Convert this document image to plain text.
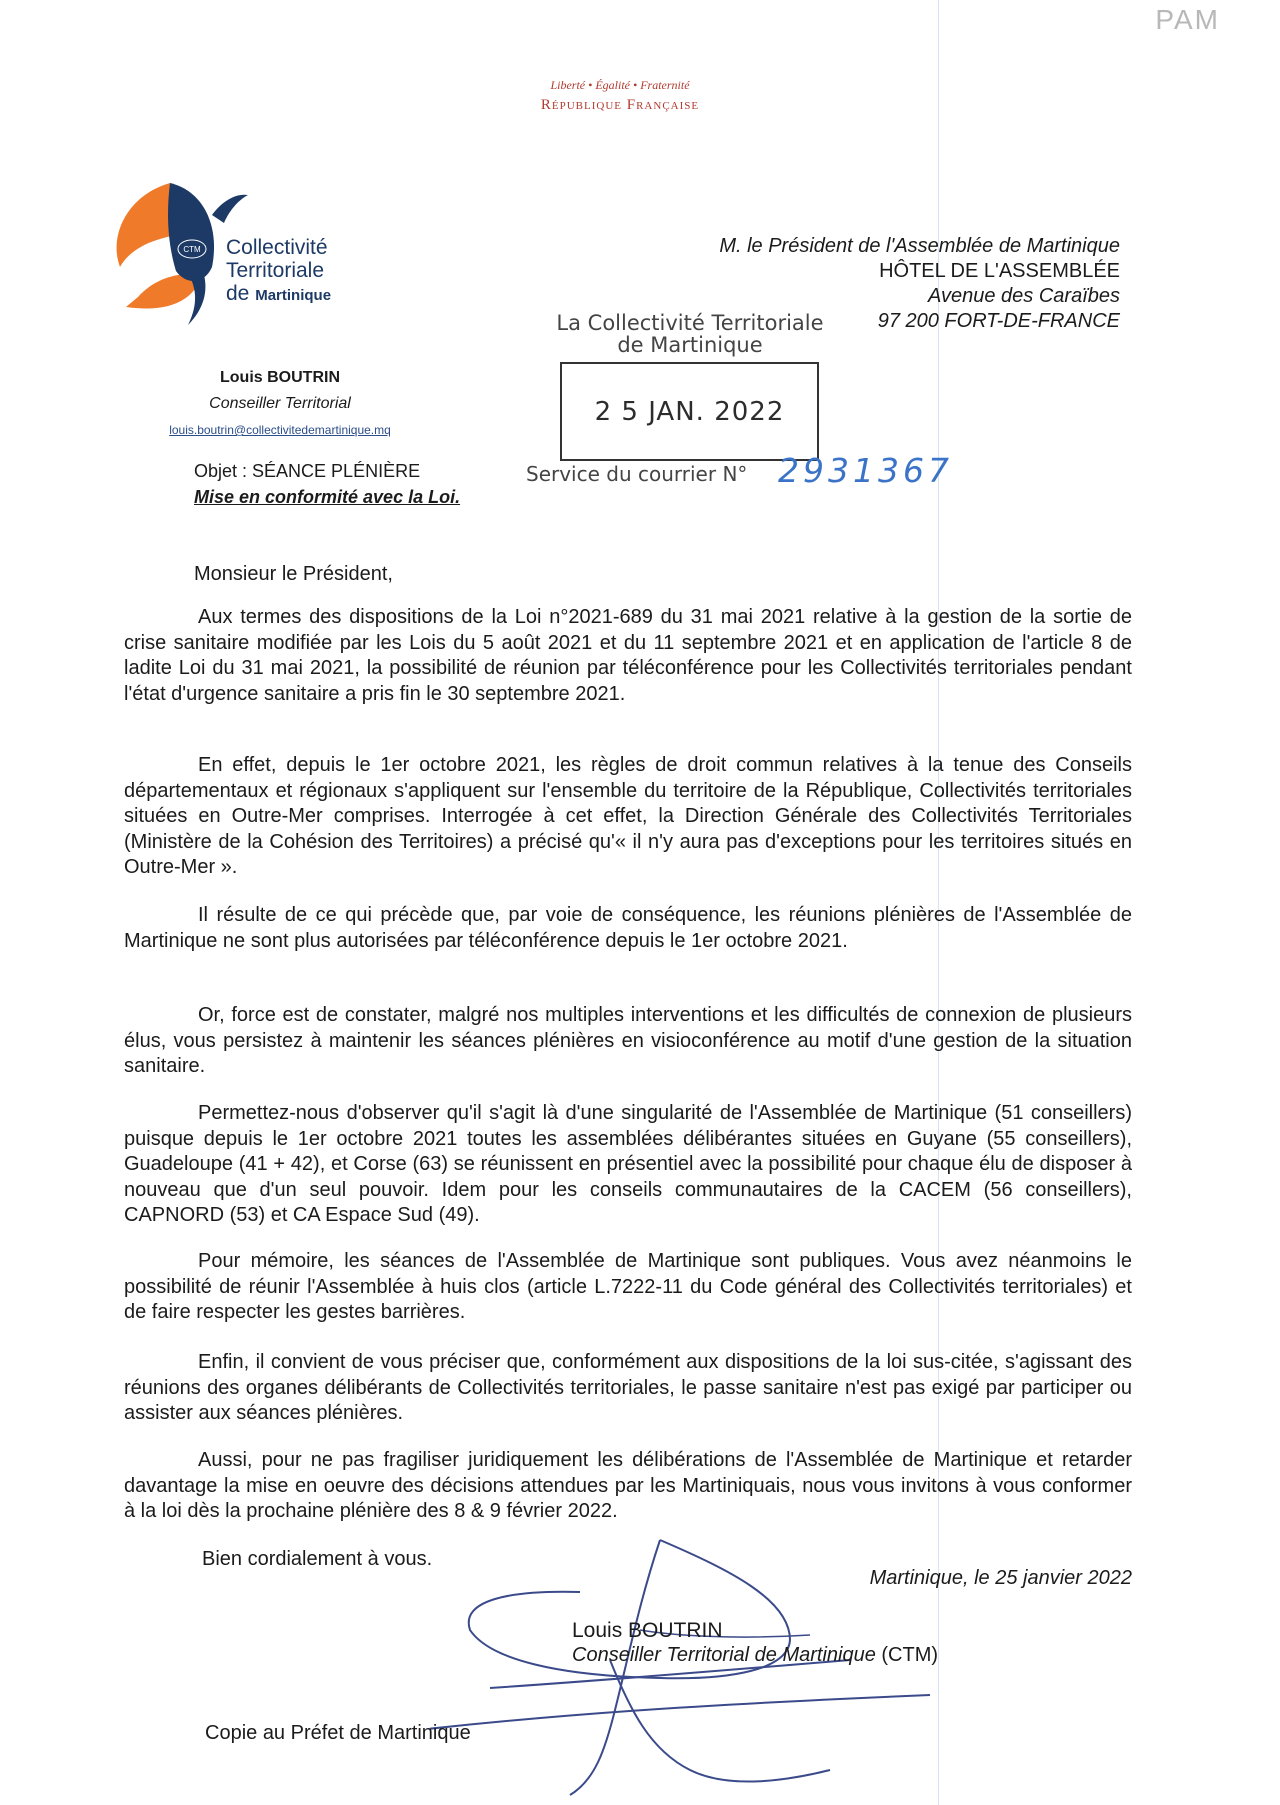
PAM
Liberté • Égalité • Fraternité
République Française
CTM Collectivité
Territoriale
de Martinique
Louis BOUTRIN
Conseiller Territorial
louis.boutrin@collectivitedemartinique.mq
Objet : SÉANCE PLÉNIÈRE
Mise en conformité avec la Loi.
M. le Président de l'Assemblée de Martinique
HÔTEL DE L'ASSEMBLÉE
Avenue des Caraïbes
97 200 FORT-DE-FRANCE
La Collectivité Territoriale
de Martinique
2 5 JAN. 2022
Service du courrier N° 2931367
Monsieur le Président,

Aux termes des dispositions de la Loi n°2021-689 du 31 mai 2021 relative à la gestion de la sortie de crise sanitaire modifiée par les Lois du 5 août 2021 et du 11 septembre 2021 et en application de l'article 8 de ladite Loi du 31 mai 2021, la possibilité de réunion par téléconférence pour les Collectivités territoriales pendant l'état d'urgence sanitaire a pris fin le 30 septembre 2021.

En effet, depuis le 1er octobre 2021, les règles de droit commun relatives à la tenue des Conseils départementaux et régionaux s'appliquent sur l'ensemble du territoire de la République, Collectivités territoriales situées en Outre-Mer comprises. Interrogée à cet effet, la Direction Générale des Collectivités Territoriales (Ministère de la Cohésion des Territoires) a précisé qu'« il n'y aura pas d'exceptions pour les territoires situés en Outre-Mer ».

Il résulte de ce qui précède que, par voie de conséquence, les réunions plénières de l'Assemblée de Martinique ne sont plus autorisées par téléconférence depuis le 1er octobre 2021.

Or, force est de constater, malgré nos multiples interventions et les difficultés de connexion de plusieurs élus, vous persistez à maintenir les séances plénières en visioconférence au motif d'une gestion de la situation sanitaire.

Permettez-nous d'observer qu'il s'agit là d'une singularité de l'Assemblée de Martinique (51 conseillers) puisque depuis le 1er octobre 2021 toutes les assemblées délibérantes situées en Guyane (55 conseillers), Guadeloupe (41 + 42), et Corse (63) se réunissent en présentiel avec la possibilité pour chaque élu de disposer à nouveau que d'un seul pouvoir. Idem pour les conseils communautaires de la CACEM (56 conseillers), CAPNORD (53) et CA Espace Sud (49).

Pour mémoire, les séances de l'Assemblée de Martinique sont publiques. Vous avez néanmoins le possibilité de réunir l'Assemblée à huis clos (article L.7222-11 du Code général des Collectivités territoriales) et de faire respecter les gestes barrières.

Enfin, il convient de vous préciser que, conformément aux dispositions de la loi sus-citée, s'agissant des réunions des organes délibérants de Collectivités territoriales, le passe sanitaire n'est pas exigé par participer ou assister aux séances plénières.

Aussi, pour ne pas fragiliser juridiquement les délibérations de l'Assemblée de Martinique et retarder davantage la mise en oeuvre des décisions attendues par les Martiniquais, nous vous invitons à vous conformer à la loi dès la prochaine plénière des 8 & 9 février 2022.

Bien cordialement à vous.
Martinique, le 25 janvier 2022
Louis BOUTRIN
Conseiller Territorial de Martinique (CTM)
Copie au Préfet de Martinique
